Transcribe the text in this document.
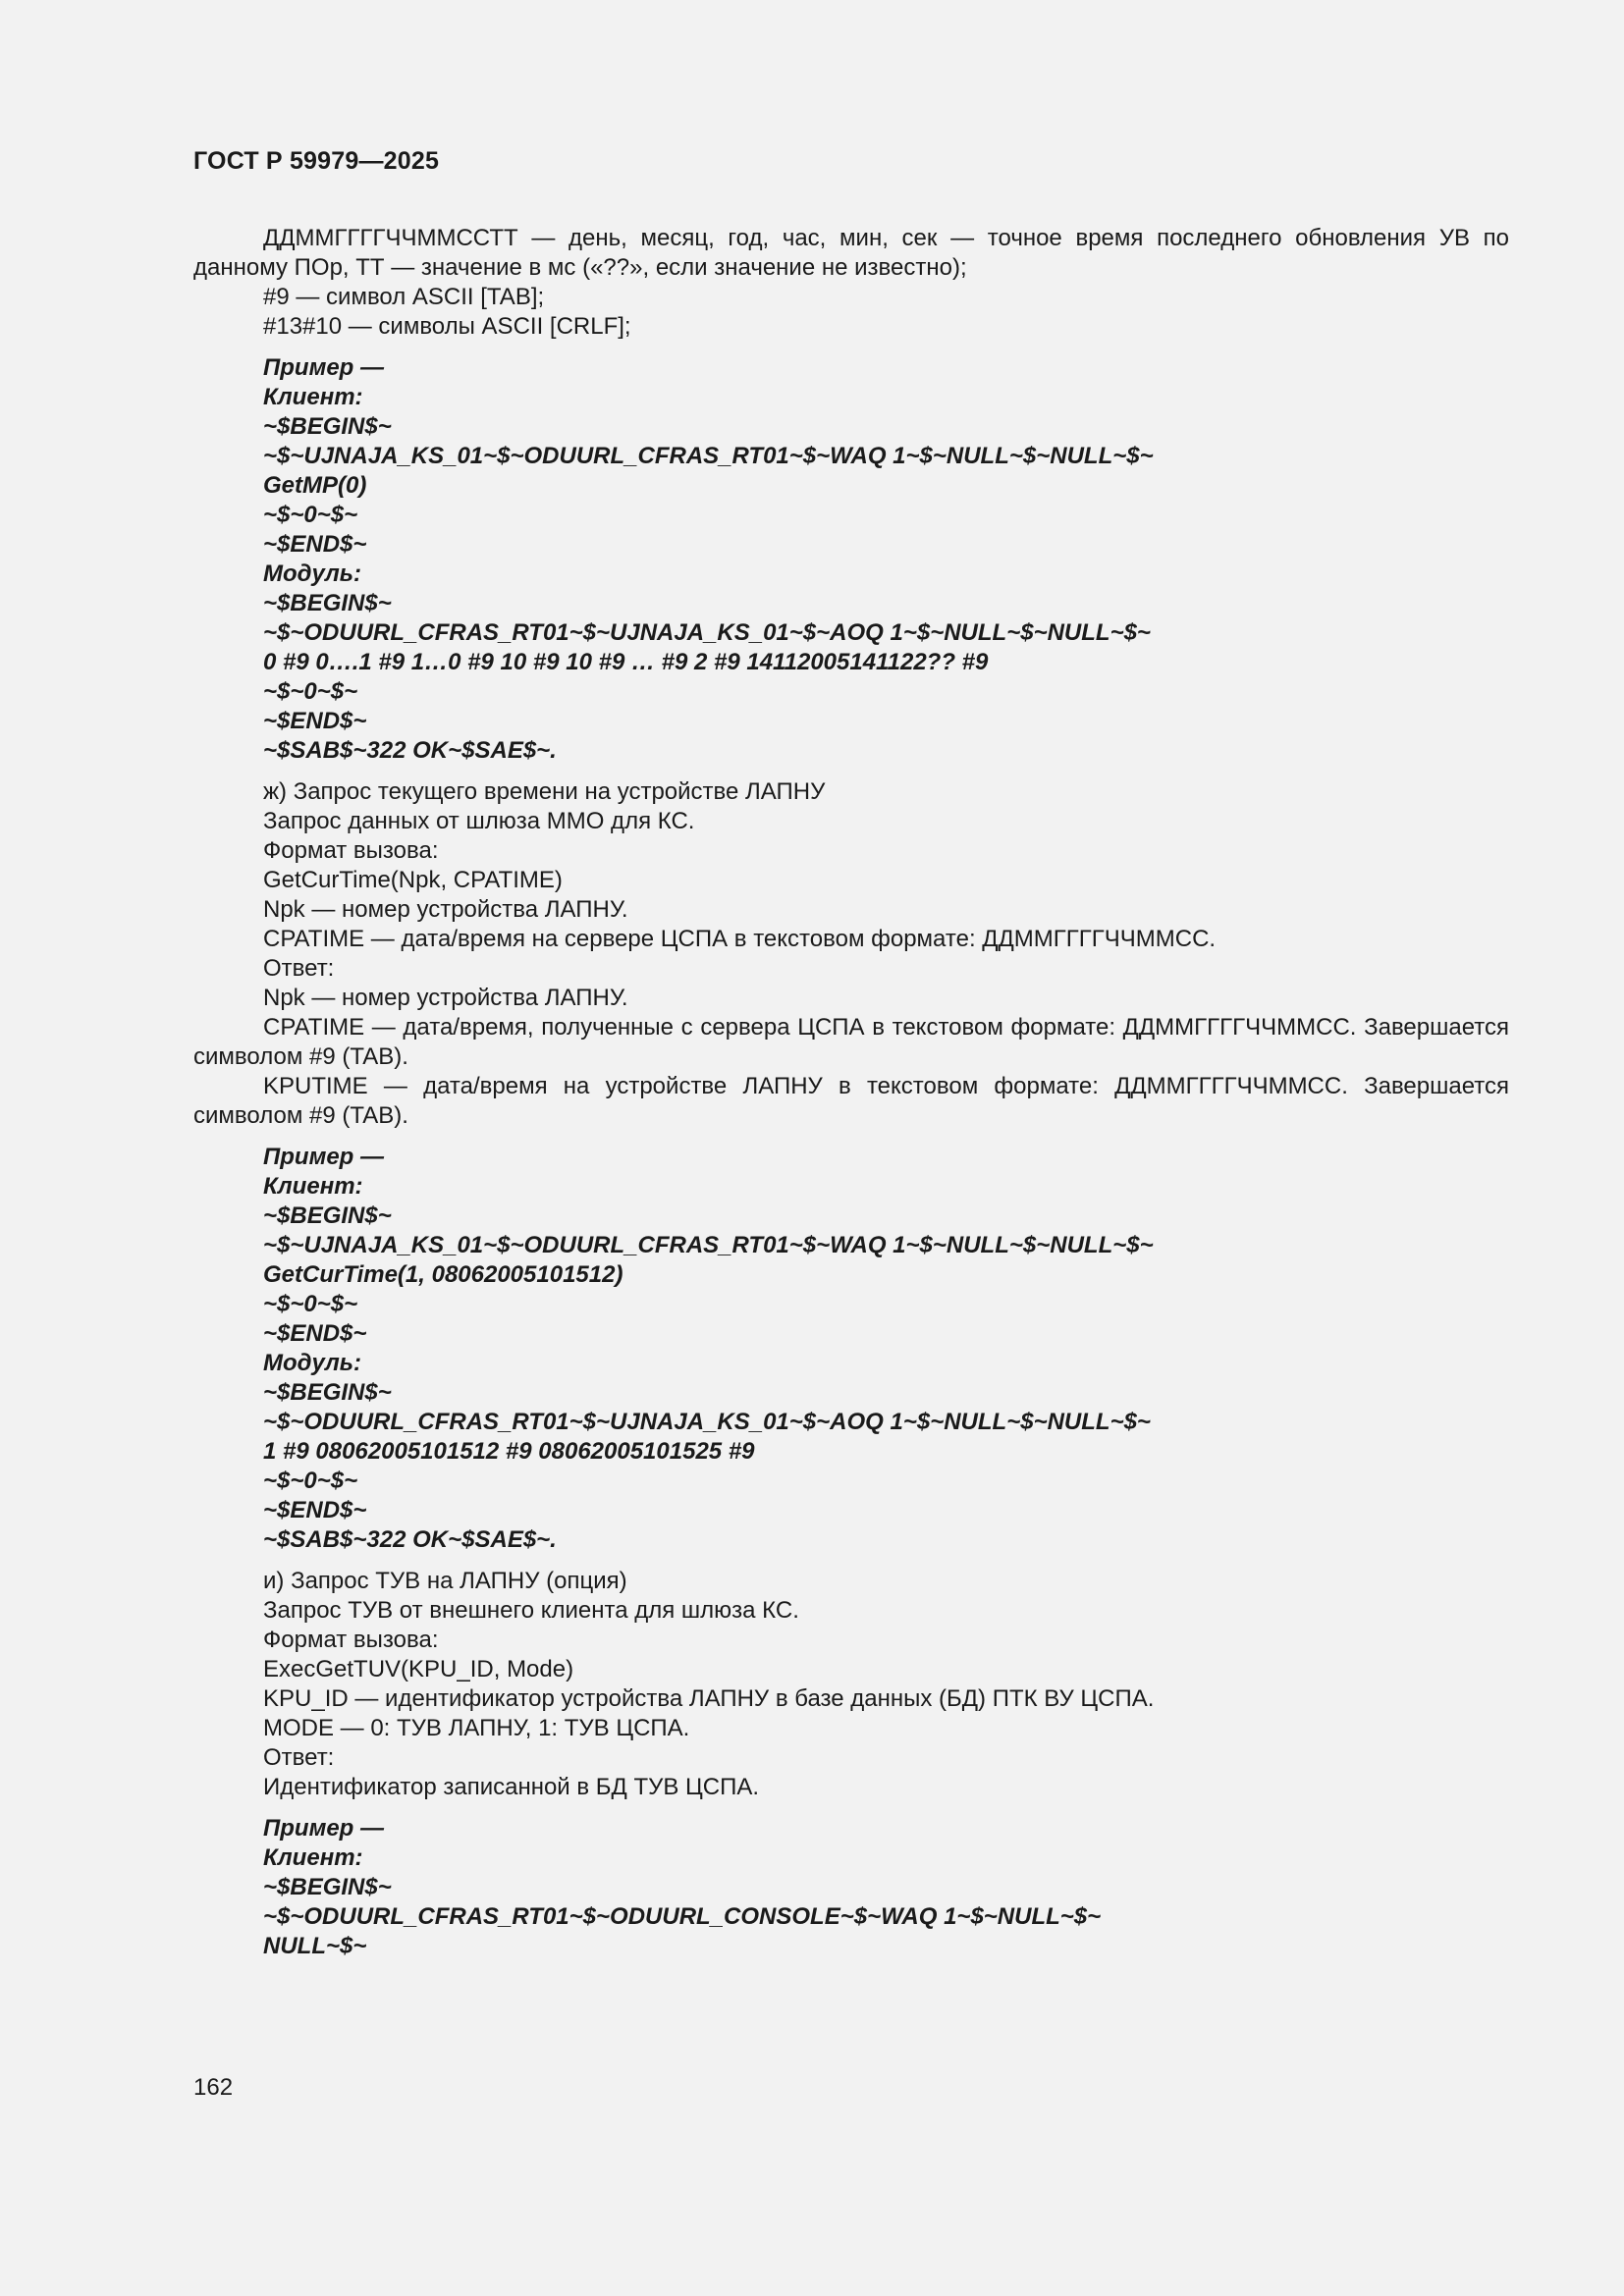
ГОСТ Р 59979—2025

ДДММГГГГЧЧММССТТ — день, месяц, год, час, мин, сек — точное время последнего обновления УВ по данному ПОр, ТТ — значение в мс («??», если значение не известно);

#9 — символ ASCII [TAB];

#13#10 — символы ASCII [CRLF];

Пример —

Клиент:

~$BEGIN$~

~$~UJNAJA_KS_01~$~ODUURL_CFRAS_RT01~$~WAQ 1~$~NULL~$~NULL~$~

GetMP(0)

~$~0~$~

~$END$~

Модуль:

~$BEGIN$~

~$~ODUURL_CFRAS_RT01~$~UJNAJA_KS_01~$~AOQ 1~$~NULL~$~NULL~$~

0 #9 0….1 #9 1…0 #9 10 #9 10 #9 … #9 2 #9 14112005141122?? #9

~$~0~$~

~$END$~

~$SAB$~322 OK~$SAE$~.

ж) Запрос текущего времени на устройстве ЛАПНУ

Запрос данных от шлюза ММО для КС.

Формат вызова:

GetCurTime(Npk, CPATIME)

Npk — номер устройства ЛАПНУ.

CPATIME — дата/время на сервере ЦСПА в текстовом формате: ДДММГГГГЧЧММСС.

Ответ:

Npk — номер устройства ЛАПНУ.

CPATIME — дата/время, полученные с сервера ЦСПА в текстовом формате: ДДММГГГГЧЧММСС. Завершается символом #9 (TAB).

KPUTIME — дата/время на устройстве ЛАПНУ в текстовом формате: ДДММГГГГЧЧММСС. Завершается символом #9 (TAB).

Пример —

Клиент:

~$BEGIN$~

~$~UJNAJA_KS_01~$~ODUURL_CFRAS_RT01~$~WAQ 1~$~NULL~$~NULL~$~

GetCurTime(1, 08062005101512)

~$~0~$~

~$END$~

Модуль:

~$BEGIN$~

~$~ODUURL_CFRAS_RT01~$~UJNAJA_KS_01~$~AOQ 1~$~NULL~$~NULL~$~

1 #9 08062005101512 #9 08062005101525 #9

~$~0~$~

~$END$~

~$SAB$~322 OK~$SAE$~.

и) Запрос ТУВ на ЛАПНУ (опция)

Запрос ТУВ от внешнего клиента для шлюза КС.

Формат вызова:

ExecGetTUV(KPU_ID, Mode)

KPU_ID — идентификатор устройства ЛАПНУ в базе данных (БД) ПТК ВУ ЦСПА.

MODE — 0: ТУВ ЛАПНУ, 1: ТУВ ЦСПА.

Ответ:

Идентификатор записанной в БД ТУВ ЦСПА.

Пример —

Клиент:

~$BEGIN$~

~$~ODUURL_CFRAS_RT01~$~ODUURL_CONSOLE~$~WAQ 1~$~NULL~$~

NULL~$~

162
